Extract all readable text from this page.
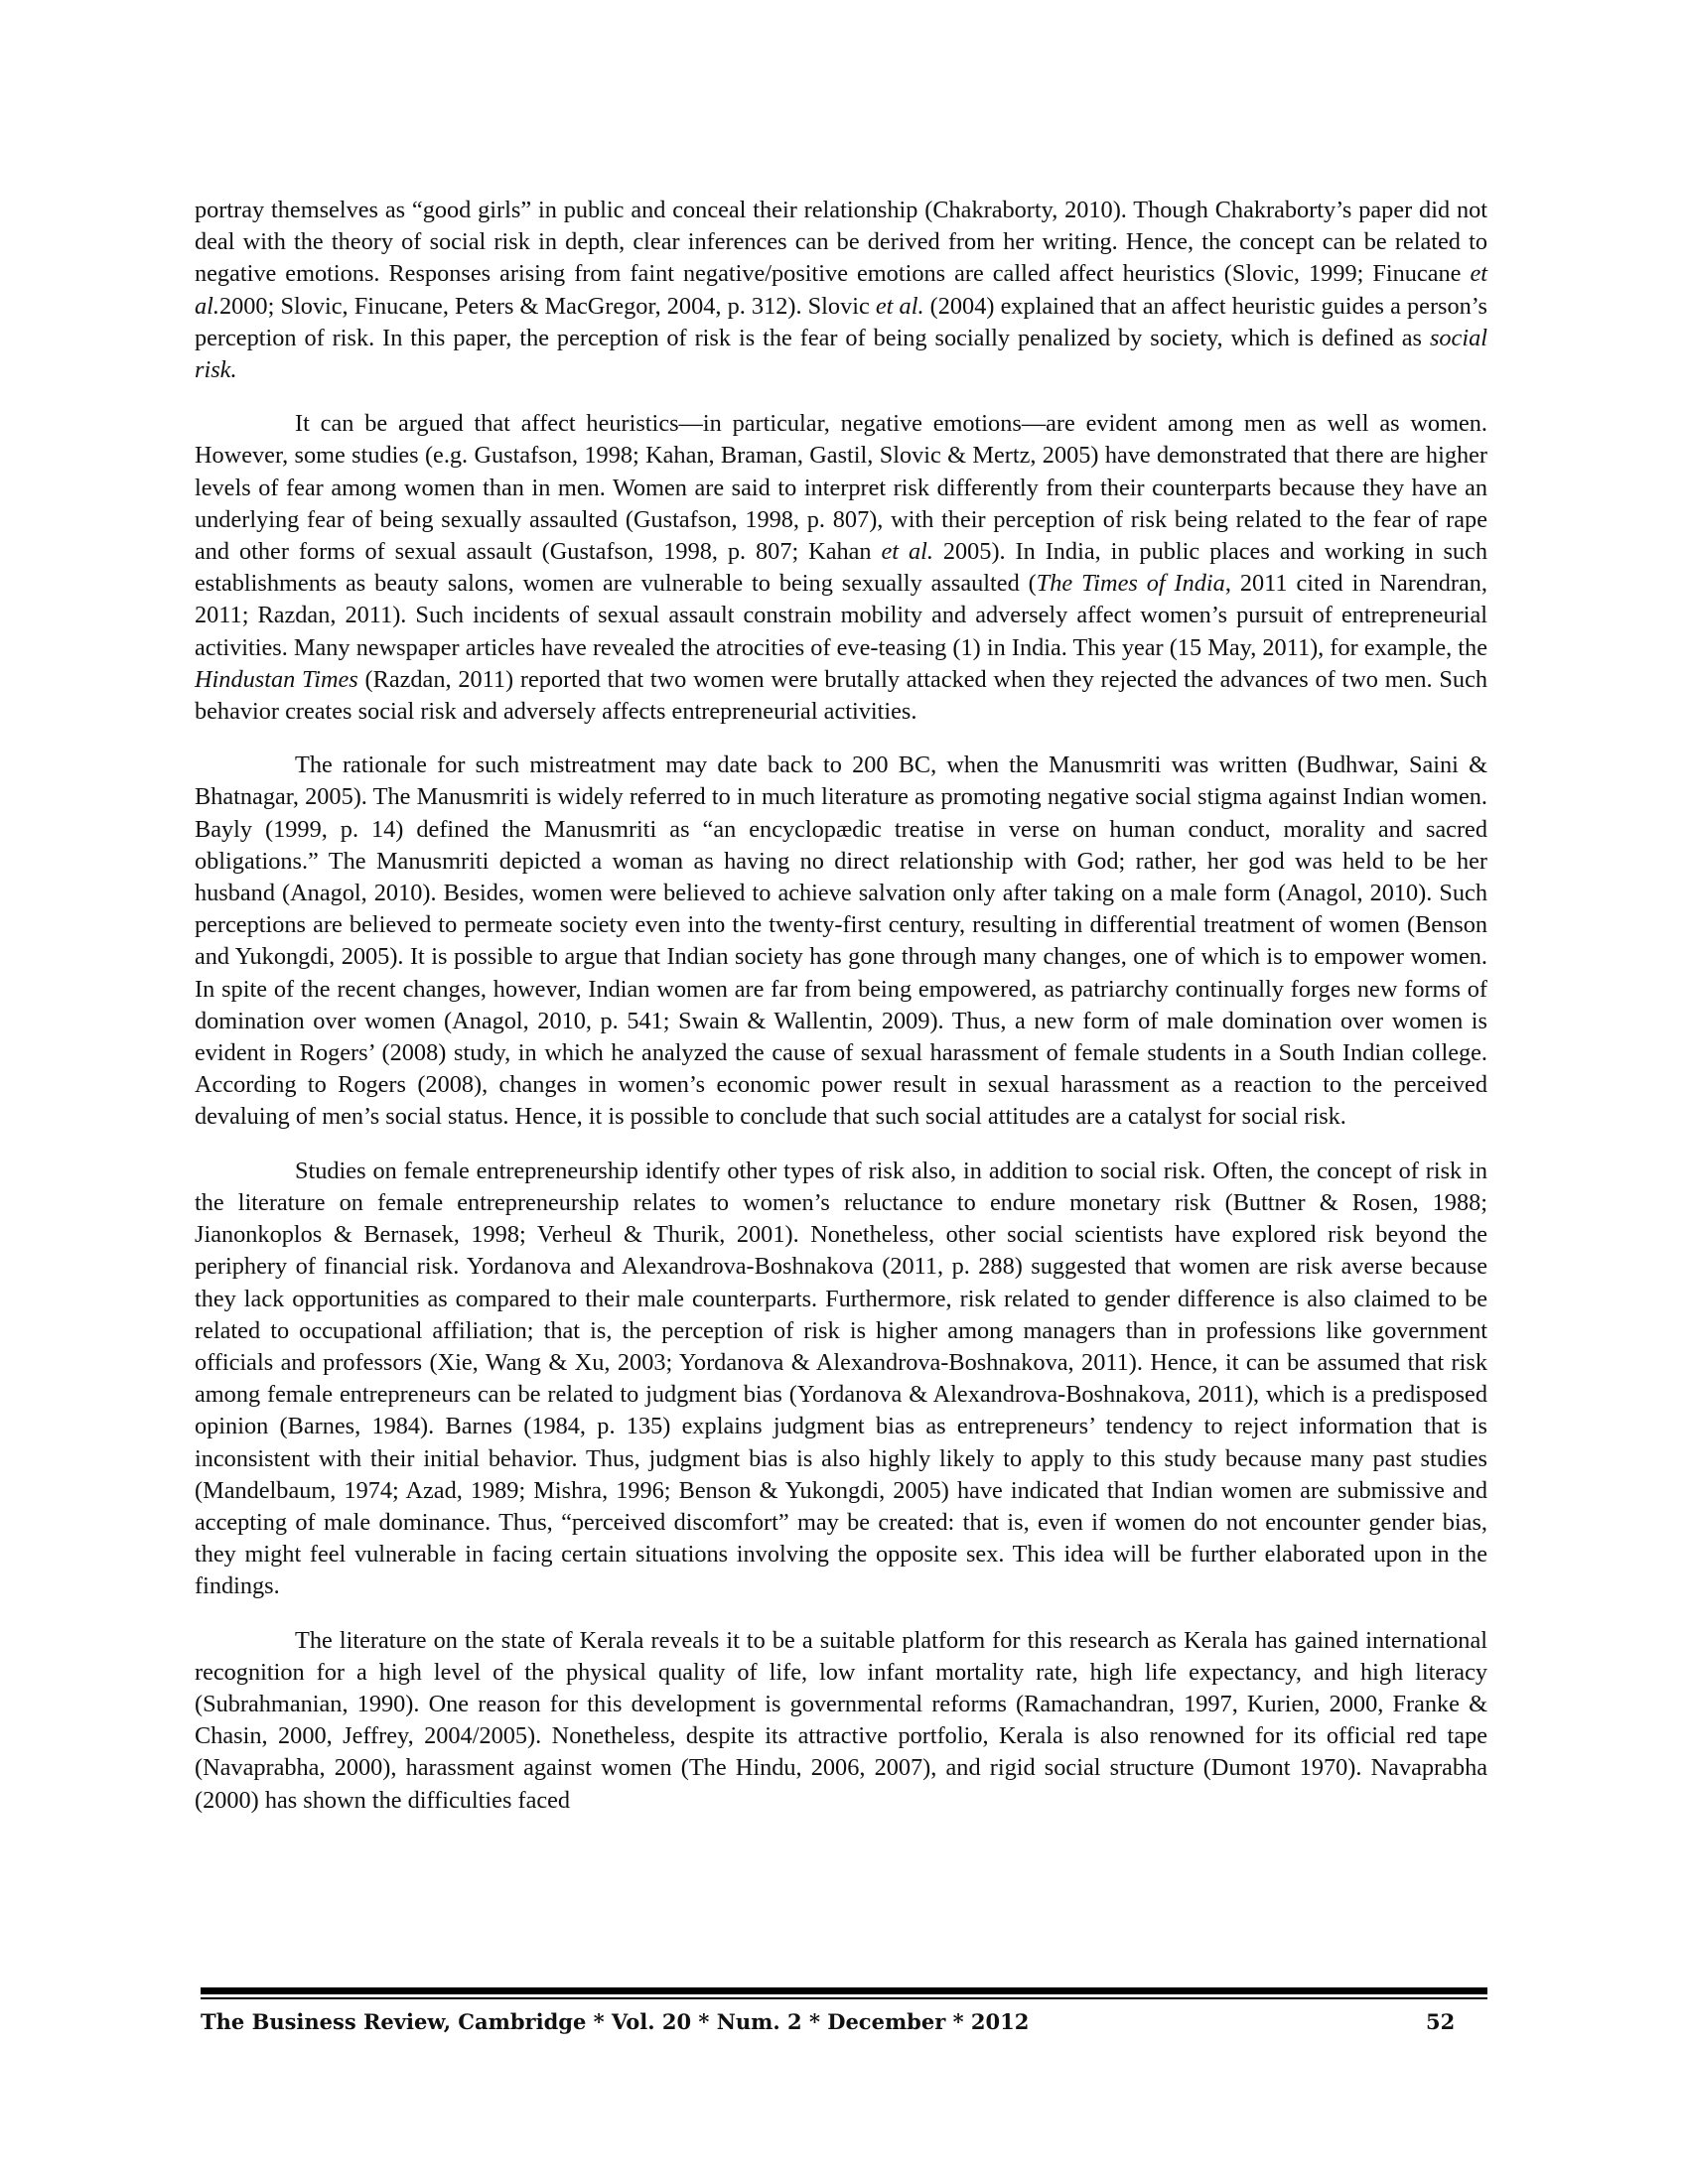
portray themselves as “good girls” in public and conceal their relationship (Chakraborty, 2010). Though Chakraborty’s paper did not deal with the theory of social risk in depth, clear inferences can be derived from her writing. Hence, the concept can be related to negative emotions. Responses arising from faint negative/positive emotions are called affect heuristics (Slovic, 1999; Finucane et al.2000; Slovic, Finucane, Peters & MacGregor, 2004, p. 312). Slovic et al. (2004) explained that an affect heuristic guides a person’s perception of risk. In this paper, the perception of risk is the fear of being socially penalized by society, which is defined as social risk.

It can be argued that affect heuristics—in particular, negative emotions—are evident among men as well as women. However, some studies (e.g. Gustafson, 1998; Kahan, Braman, Gastil, Slovic & Mertz, 2005) have demonstrated that there are higher levels of fear among women than in men. Women are said to interpret risk differently from their counterparts because they have an underlying fear of being sexually assaulted (Gustafson, 1998, p. 807), with their perception of risk being related to the fear of rape and other forms of sexual assault (Gustafson, 1998, p. 807; Kahan et al. 2005). In India, in public places and working in such establishments as beauty salons, women are vulnerable to being sexually assaulted (The Times of India, 2011 cited in Narendran, 2011; Razdan, 2011). Such incidents of sexual assault constrain mobility and adversely affect women’s pursuit of entrepreneurial activities. Many newspaper articles have revealed the atrocities of eve-teasing (1) in India. This year (15 May, 2011), for example, the Hindustan Times (Razdan, 2011) reported that two women were brutally attacked when they rejected the advances of two men. Such behavior creates social risk and adversely affects entrepreneurial activities.

The rationale for such mistreatment may date back to 200 BC, when the Manusmriti was written (Budhwar, Saini & Bhatnagar, 2005). The Manusmriti is widely referred to in much literature as promoting negative social stigma against Indian women. Bayly (1999, p. 14) defined the Manusmriti as “an encyclopædic treatise in verse on human conduct, morality and sacred obligations.” The Manusmriti depicted a woman as having no direct relationship with God; rather, her god was held to be her husband (Anagol, 2010). Besides, women were believed to achieve salvation only after taking on a male form (Anagol, 2010). Such perceptions are believed to permeate society even into the twenty-first century, resulting in differential treatment of women (Benson and Yukongdi, 2005). It is possible to argue that Indian society has gone through many changes, one of which is to empower women. In spite of the recent changes, however, Indian women are far from being empowered, as patriarchy continually forges new forms of domination over women (Anagol, 2010, p. 541; Swain & Wallentin, 2009). Thus, a new form of male domination over women is evident in Rogers’ (2008) study, in which he analyzed the cause of sexual harassment of female students in a South Indian college. According to Rogers (2008), changes in women’s economic power result in sexual harassment as a reaction to the perceived devaluing of men’s social status. Hence, it is possible to conclude that such social attitudes are a catalyst for social risk.

Studies on female entrepreneurship identify other types of risk also, in addition to social risk. Often, the concept of risk in the literature on female entrepreneurship relates to women’s reluctance to endure monetary risk (Buttner & Rosen, 1988; Jianonkoplos & Bernasek, 1998; Verheul & Thurik, 2001). Nonetheless, other social scientists have explored risk beyond the periphery of financial risk. Yordanova and Alexandrova-Boshnakova (2011, p. 288) suggested that women are risk averse because they lack opportunities as compared to their male counterparts. Furthermore, risk related to gender difference is also claimed to be related to occupational affiliation; that is, the perception of risk is higher among managers than in professions like government officials and professors (Xie, Wang & Xu, 2003; Yordanova & Alexandrova-Boshnakova, 2011). Hence, it can be assumed that risk among female entrepreneurs can be related to judgment bias (Yordanova & Alexandrova-Boshnakova, 2011), which is a predisposed opinion (Barnes, 1984). Barnes (1984, p. 135) explains judgment bias as entrepreneurs’ tendency to reject information that is inconsistent with their initial behavior. Thus, judgment bias is also highly likely to apply to this study because many past studies (Mandelbaum, 1974; Azad, 1989; Mishra, 1996; Benson & Yukongdi, 2005) have indicated that Indian women are submissive and accepting of male dominance. Thus, “perceived discomfort” may be created: that is, even if women do not encounter gender bias, they might feel vulnerable in facing certain situations involving the opposite sex. This idea will be further elaborated upon in the findings.

The literature on the state of Kerala reveals it to be a suitable platform for this research as Kerala has gained international recognition for a high level of the physical quality of life, low infant mortality rate, high life expectancy, and high literacy (Subrahmanian, 1990). One reason for this development is governmental reforms (Ramachandran, 1997, Kurien, 2000, Franke & Chasin, 2000, Jeffrey, 2004/2005). Nonetheless, despite its attractive portfolio, Kerala is also renowned for its official red tape (Navaprabha, 2000), harassment against women (The Hindu, 2006, 2007), and rigid social structure (Dumont 1970). Navaprabha (2000) has shown the difficulties faced

The Business Review, Cambridge * Vol. 20 * Num. 2 * December * 2012	52
